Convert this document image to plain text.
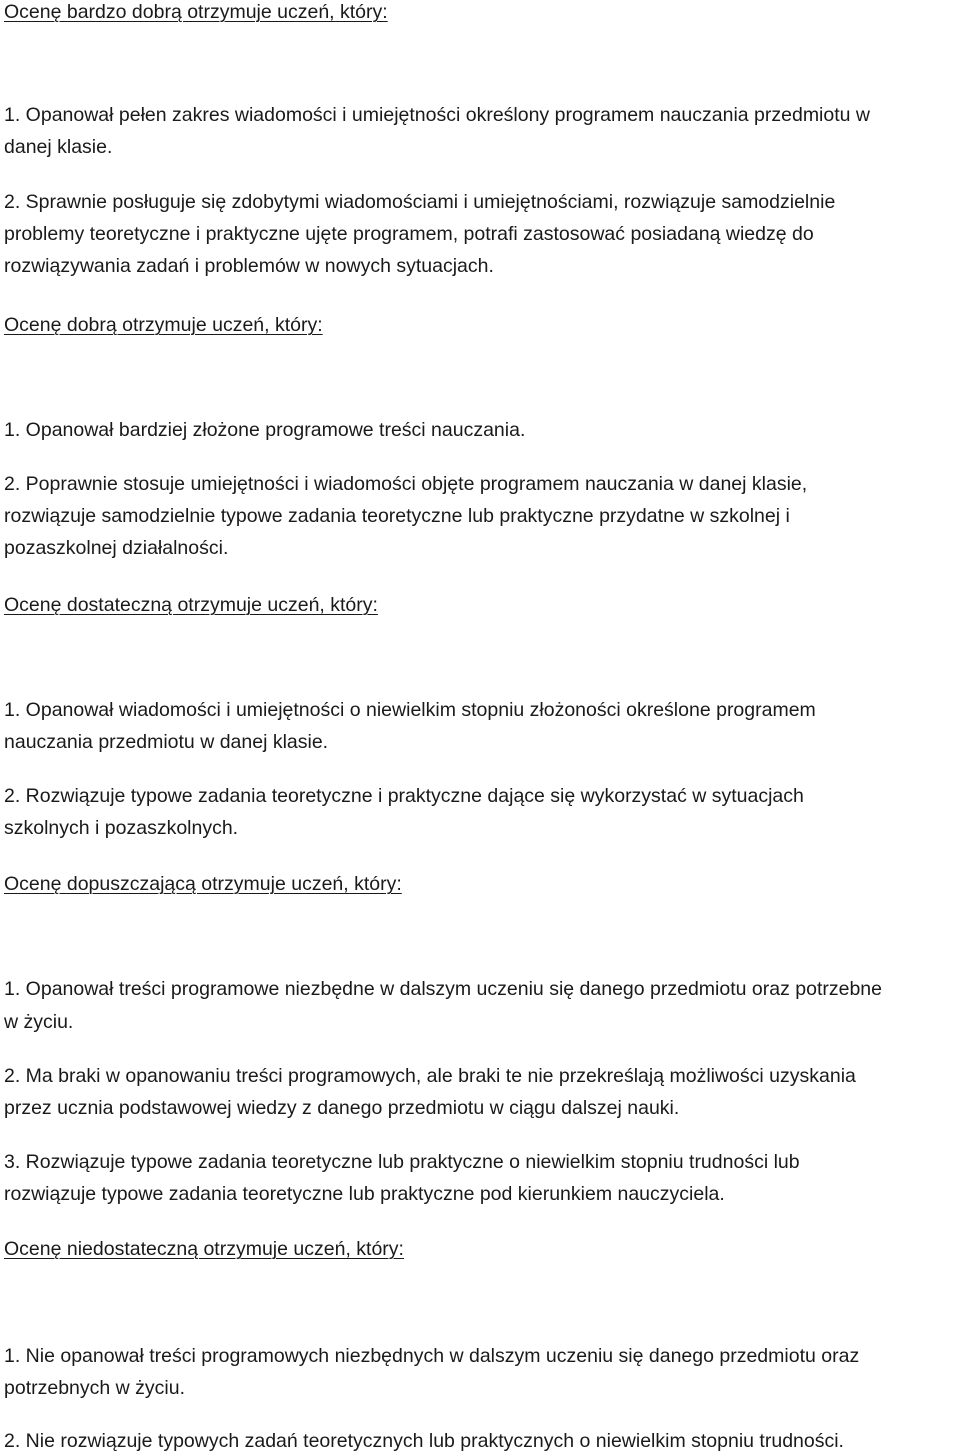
Ocenę bardzo dobrą otrzymuje uczeń, który:
1. Opanował pełen zakres wiadomości i umiejętności określony programem nauczania przedmiotu w
danej klasie.
2. Sprawnie posługuje się zdobytymi wiadomościami i umiejętnościami, rozwiązuje samodzielnie
problemy teoretyczne i praktyczne ujęte programem, potrafi zastosować posiadaną wiedzę do
rozwiązywania zadań i problemów w nowych sytuacjach.
Ocenę dobrą otrzymuje uczeń, który:
1. Opanował bardziej złożone programowe treści nauczania.
2. Poprawnie stosuje umiejętności i wiadomości objęte programem nauczania w danej klasie,
rozwiązuje samodzielnie typowe zadania teoretyczne lub praktyczne przydatne w szkolnej i
pozaszkolnej działalności.
Ocenę dostateczną otrzymuje uczeń, który:
1. Opanował wiadomości i umiejętności o niewielkim stopniu złożoności określone programem
nauczania przedmiotu w danej klasie.
2. Rozwiązuje typowe zadania teoretyczne i praktyczne dające się wykorzystać w sytuacjach
szkolnych i pozaszkolnych.
Ocenę dopuszczającą otrzymuje uczeń, który:
1. Opanował treści programowe niezbędne w dalszym uczeniu się danego przedmiotu oraz potrzebne
w życiu.
2. Ma braki w opanowaniu treści programowych, ale braki te nie przekreślają możliwości uzyskania
przez ucznia podstawowej wiedzy z danego przedmiotu w ciągu dalszej nauki.
3. Rozwiązuje typowe zadania teoretyczne lub praktyczne o niewielkim stopniu trudności lub
rozwiązuje typowe zadania teoretyczne lub praktyczne pod kierunkiem nauczyciela.
Ocenę niedostateczną otrzymuje uczeń, który:
1. Nie opanował treści programowych niezbędnych w dalszym uczeniu się danego przedmiotu oraz
potrzebnych w życiu.
2. Nie rozwiązuje typowych zadań teoretycznych lub praktycznych o niewielkim stopniu trudności.
